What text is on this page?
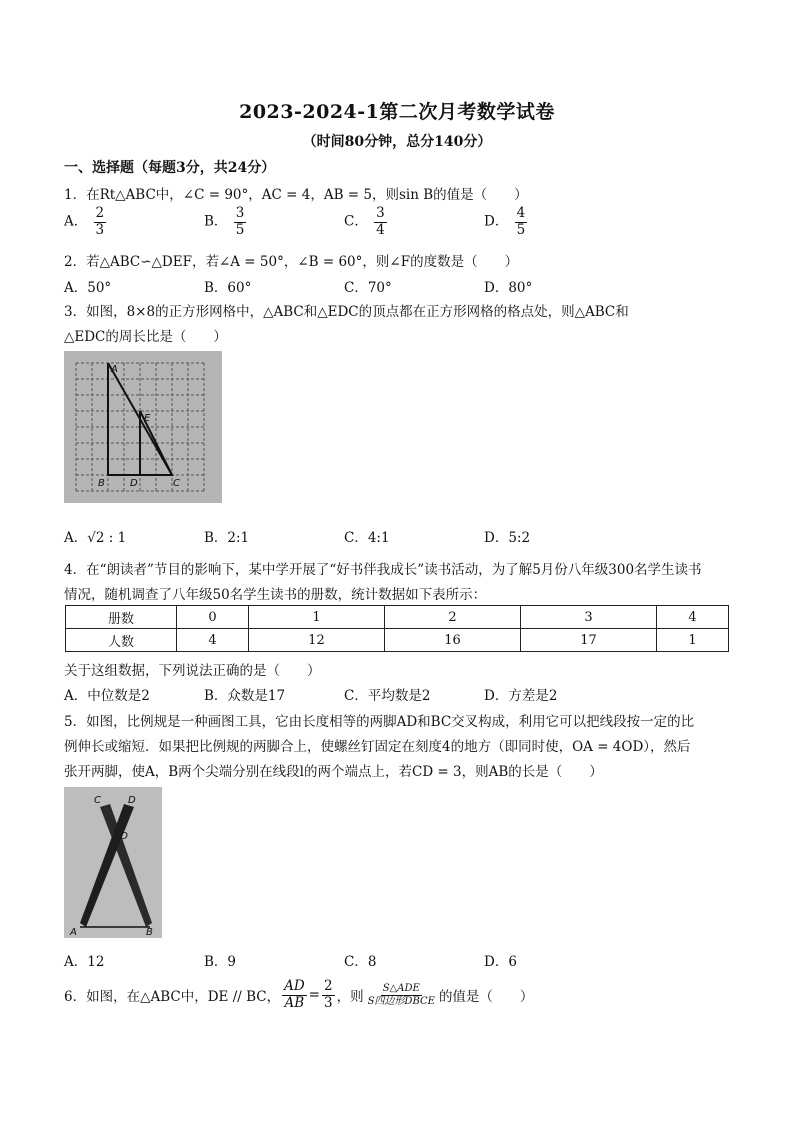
2023-2024-1第二次月考数学试卷
（时间80分钟，总分140分）
一、选择题（每题3分，共24分）
1．在Rt△ABC中，∠C = 90°，AC = 4，AB = 5，则sin B的值是（　　）
A． $\frac{2}{3}$	B． $\frac{3}{5}$	C． $\frac{3}{4}$	D． $\frac{4}{5}$
2．若△ABC∽△DEF，若∠A = 50°，∠B = 60°，则∠F的度数是（　　）
A．50°	B．60°	C．70°	D．80°
3．如图，8×8的正方形网格中，△ABC和△EDC的顶点都在正方形网格的格点处，则△ABC和
△EDC的周长比是（　　）
A
E
B	D	C
A．√2 : 1	B．2:1	C．4:1	D．5:2
4．在“朗读者”节目的影响下，某中学开展了“好书伴我成长”读书活动，为了解5月份八年级300名学生读书
情况，随机调查了八年级50名学生读书的册数，统计数据如下表所示：
册数	0	1	2	3	4
人数	4	12	16	17	1
关于这组数据，下列说法正确的是（　　）
A．中位数是2	B．众数是17	C．平均数是2	D．方差是2
5．如图，比例规是一种画图工具，它由长度相等的两脚AD和BC交叉构成，利用它可以把线段按一定的比
例伸长或缩短．如果把比例规的两脚合上，使螺丝钉固定在刻度4的地方（即同时使，OA = 4OD），然后
张开两脚，使A，B两个尖端分别在线段l的两个端点上，若CD = 3，则AB的长是（　　）
C	D
O
A	B
A．12	B．9	C．8	D．6
6．如图，在△ABC中，DE // BC， $\frac{AD}{AB} = \frac{2}{3}$ ，则 $\frac{\text{S△ADE}}{\text{S四边形DBCE}}$ 的值是（　　）
